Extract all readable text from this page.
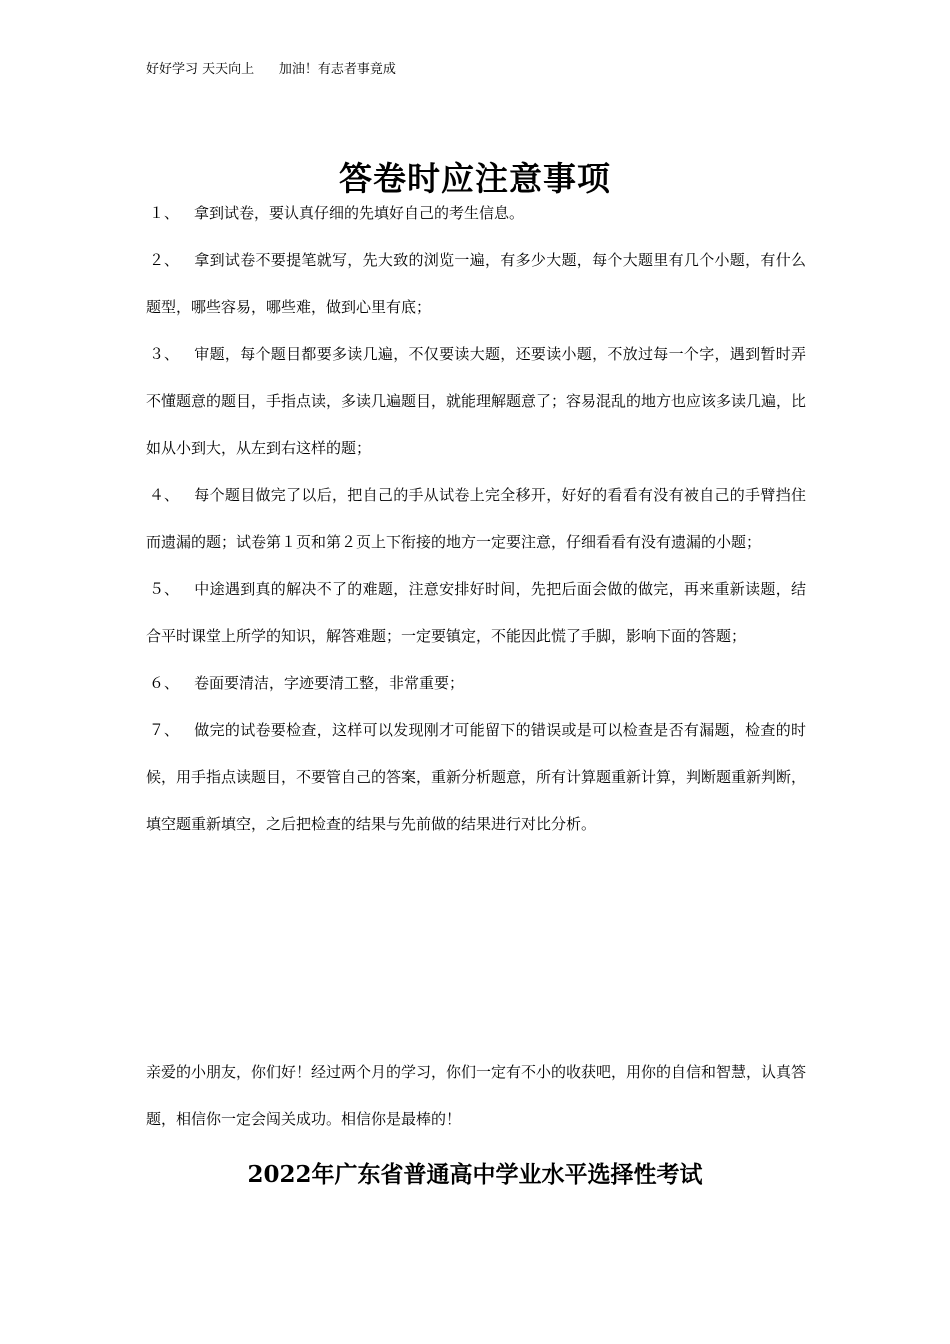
好好学习 天天向上      加油！有志者事竟成
答卷时应注意事项

１、 拿到试卷，要认真仔细的先填好自己的考生信息。

２、 拿到试卷不要提笔就写，先大致的浏览一遍，有多少大题，每个大题里有几个小题，有什么题型，哪些容易，哪些难，做到心里有底；

３、 审题，每个题目都要多读几遍，不仅要读大题，还要读小题，不放过每一个字，遇到暂时弄不懂题意的题目，手指点读，多读几遍题目，就能理解题意了；容易混乱的地方也应该多读几遍，比如从小到大，从左到右这样的题；

４、 每个题目做完了以后，把自己的手从试卷上完全移开，好好的看看有没有被自己的手臂挡住而遗漏的题；试卷第１页和第２页上下衔接的地方一定要注意，仔细看看有没有遗漏的小题；

５、 中途遇到真的解决不了的难题，注意安排好时间，先把后面会做的做完，再来重新读题，结合平时课堂上所学的知识，解答难题；一定要镇定，不能因此慌了手脚，影响下面的答题；

６、 卷面要清洁，字迹要清工整，非常重要；

７、 做完的试卷要检查，这样可以发现刚才可能留下的错误或是可以检查是否有漏题，检查的时候，用手指点读题目，不要管自己的答案，重新分析题意，所有计算题重新计算，判断题重新判断，填空题重新填空，之后把检查的结果与先前做的结果进行对比分析。

亲爱的小朋友，你们好！经过两个月的学习，你们一定有不小的收获吧，用你的自信和智慧，认真答题，相信你一定会闯关成功。相信你是最棒的！
2022年广东省普通高中学业水平选择性考试
